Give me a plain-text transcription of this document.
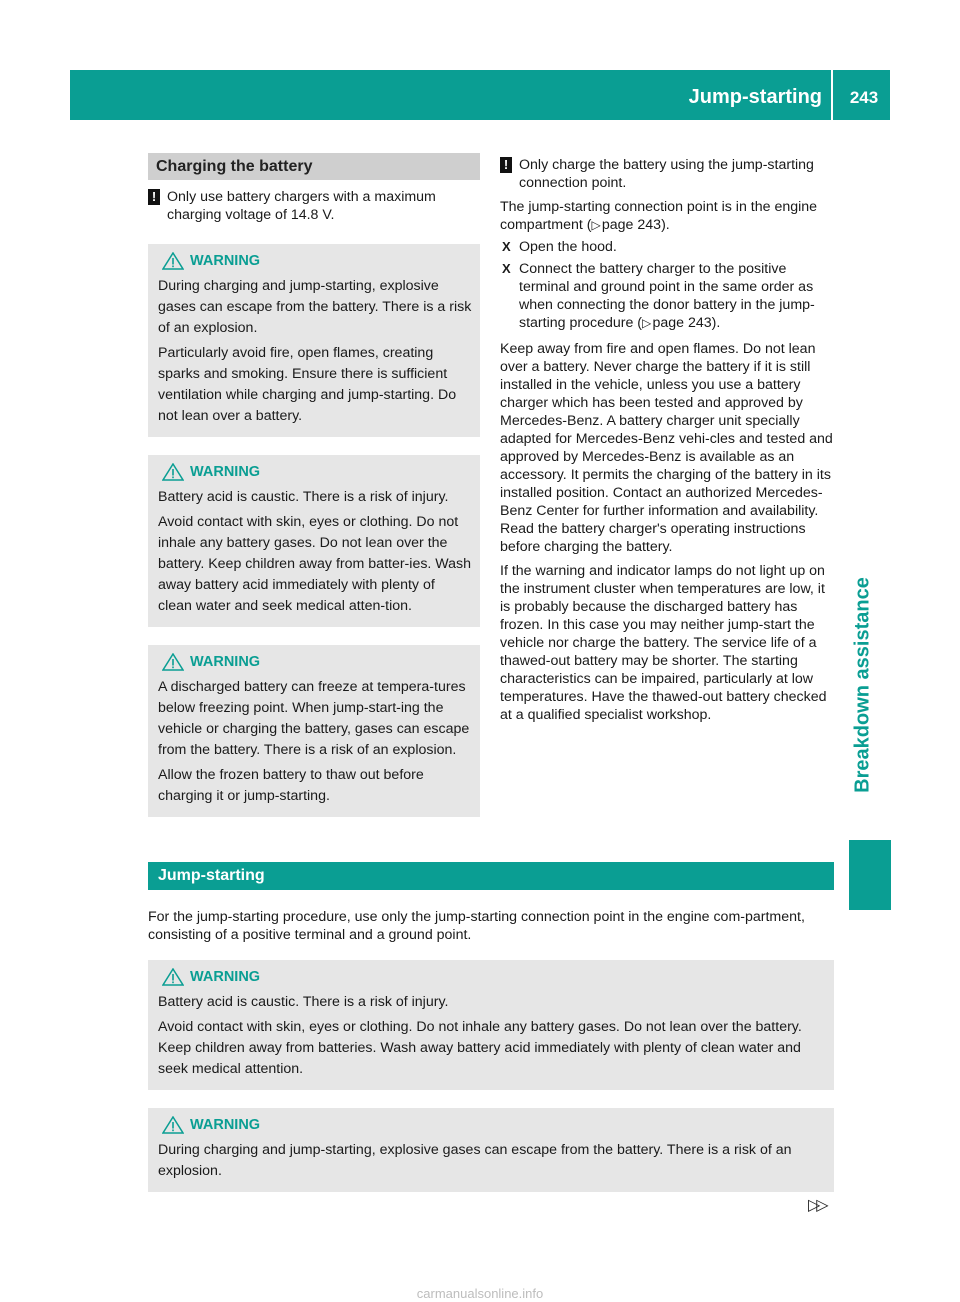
Jump-starting	243
Breakdown assistance
Charging the battery
! Only use battery chargers with a maximum charging voltage of 14.8 V.
WARNING

During charging and jump-starting, explosive gases can escape from the battery. There is a risk of an explosion.

Particularly avoid fire, open flames, creating sparks and smoking. Ensure there is sufficient ventilation while charging and jump-starting. Do not lean over a battery.

WARNING

Battery acid is caustic. There is a risk of injury.

Avoid contact with skin, eyes or clothing. Do not inhale any battery gases. Do not lean over the battery. Keep children away from batter-ies. Wash away battery acid immediately with plenty of clean water and seek medical atten-tion.

WARNING

A discharged battery can freeze at tempera-tures below freezing point. When jump-start-ing the vehicle or charging the battery, gases can escape from the battery. There is a risk of an explosion.

Allow the frozen battery to thaw out before charging it or jump-starting.

! Only charge the battery using the jump-starting connection point.

The jump-starting connection point is in the engine compartment (▷ page 243).

X Open the hood.
X Connect the battery charger to the positive terminal and ground point in the same order as when connecting the donor battery in the jump-starting procedure (▷ page 243).

Keep away from fire and open flames. Do not lean over a battery. Never charge the battery if it is still installed in the vehicle, unless you use a battery charger which has been tested and approved by Mercedes-Benz. A battery charger unit specially adapted for Mercedes-Benz vehi-cles and tested and approved by Mercedes-Benz is available as an accessory. It permits the charging of the battery in its installed position. Contact an authorized Mercedes-Benz Center for further information and availability. Read the battery charger's operating instructions before charging the battery.

If the warning and indicator lamps do not light up on the instrument cluster when temperatures are low, it is probably because the discharged battery has frozen. In this case you may neither jump-start the vehicle nor charge the battery. The service life of a thawed-out battery may be shorter. The starting characteristics can be impaired, particularly at low temperatures. Have the thawed-out battery checked at a qualified specialist workshop.

Jump-starting

For the jump-starting procedure, use only the jump-starting connection point in the engine com-partment, consisting of a positive terminal and a ground point.

WARNING

Battery acid is caustic. There is a risk of injury.

Avoid contact with skin, eyes or clothing. Do not inhale any battery gases. Do not lean over the battery. Keep children away from batteries. Wash away battery acid immediately with plenty of clean water and seek medical attention.

WARNING

During charging and jump-starting, explosive gases can escape from the battery. There is a risk of an explosion.

▷▷
carmanualsonline.info
